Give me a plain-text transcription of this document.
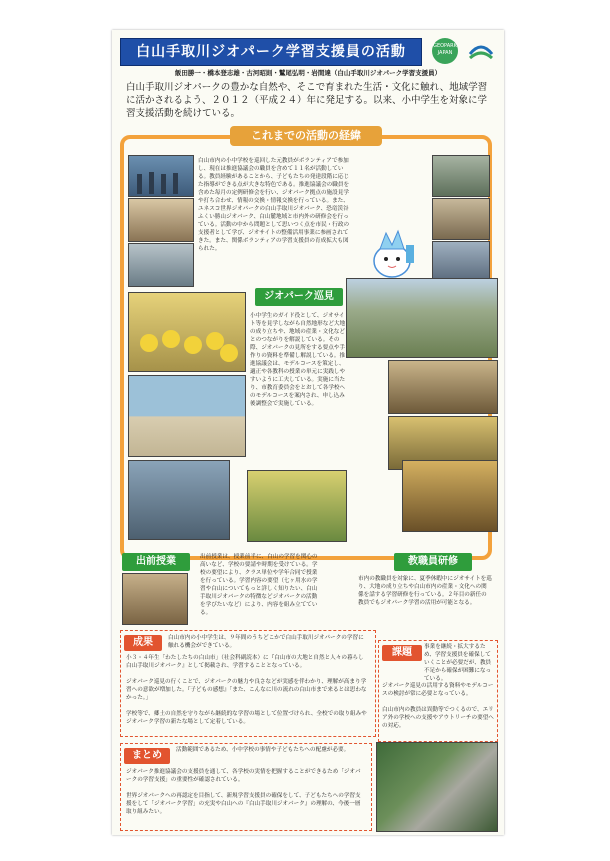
白山手取川ジオパーク学習支援員の活動	GEOPARK JAPAN
飯田勝一・橋本登志雄・古河昭則・鷲尾弘明・岩間達（白山手取川ジオパーク学習支援員）
白山手取川ジオパークの豊かな自然や、そこで育まれた生活・文化に触れ、地域学習に活かされるよう、２０１２（平成２４）年に発足する。以来、小中学生を対象に学習支援活動を続けている。
これまでの活動の経緯
白山市内の小中学校を巡回した元教員がボランティアで参加し、現在は推進協議会の職員を含めて１１名が活動している。教員経験があることから、子どもたちの発達段階に応じた指導ができる点が大きな特色である。推進協議会の職員を含めた毎月の定例研修会を行い、ジオパーク拠点の施設見学や打ち合わせ、情報の交換・情報交換を行っている。また、ユネスコ世界ジオパークの白山手取川ジオパーク、恐竜渓谷ふくい勝山ジオパーク、白山麓地域と市内外の研修会を行っている。活動の中から問題として思いつく点を市民・行政の支援者として学び、ジオサイトの整備活用事業に参画されてきた。また、関係ボランティアの学習支援員の育成拡大も図られた。
ジオパーク巡見
小中学生のガイド役として、ジオサイト等を見学しながら自然地形など大地の成り立ちや、地域の産業・文化などとのつながりを解説している。その際、ジオパークの見所をする要点や手作りの資料を準備し解説している。推進協議会は、モデルコースを策定し、適正や各教科の授業の単元に実践しやすいように工夫している。実施に当たり、市教育委員会をとおして各学校へのモデルコースを案内され、申し込み後調整会で実施している。
出前授業	出前授業は、授業前半に、白山の学習を関心の高いなど、学校の要請や時期を受けている。学校の要望により、クラス単位や学年合同で授業を行っている。学習内容の要望（七ヶ用水の学習や白山についてもっと詳しく知りたい、白山手取川ジオパークの特徴などジオパークの活動を学びたいなど）により、内容を組み立てている。
教職員研修
市内の教職員を対象に、夏季休暇中にジオサイトを巡り、大地の成り立ちや白山市内の産業・文化への関係を話する学習研修を行っている。２年目の新任の教員でもジオパーク学習の活用が可能となる。
成果	白山市内の小中学生は、９年間のうちどこかで白山手取川ジオパークの学習に触れる機会ができている。
小３・４年生「わたしたちの白山市」（社会科副読本）に『白山市の大地と自然と人々の暮らし白山手取川ジオパーク』として掲載され、学習することとなっている。
ジオパーク巡見の行くことで、ジオパークの魅力や良さなどが実感を伴わかり、理解が高まり学習への意欲が増加した。『子どもの感想』「また、こんなに川の流れの白山市まで来るとは思わなかった。」
学校等で、郷土の自然を守りながら継続的な学習の場として位置づけられ、全校での取り組みやジオパーク学習の新たな場として定着している。
課題	事業を継続・拡大するため、学習支援員を確保していくことが必要だが、教員不足から確保が困難になっている。
ジオパーク巡見の活用する資料やモデルコースの検討が常に必要となっている。
白山市内の教員は異動等でつくるので、エリア外の学校への支援やアウトリーチの要望への対応。
まとめ	活動範囲であるため、小中学校の事情や子どもたちへの配慮が必要。
ジオパーク推進協議会の支援員を通して、各学校の実情を把握することができるため「ジオパークの学習支援」の重要性が確認されている。
世界ジオパークへの再認定を目指して、新規学習支援員の確保をして、子どもたちへの学習支援をして「ジオパーク学習」の充実や白山への『白山手取川ジオパーク』の理解の、今後一層取り組みたい。
